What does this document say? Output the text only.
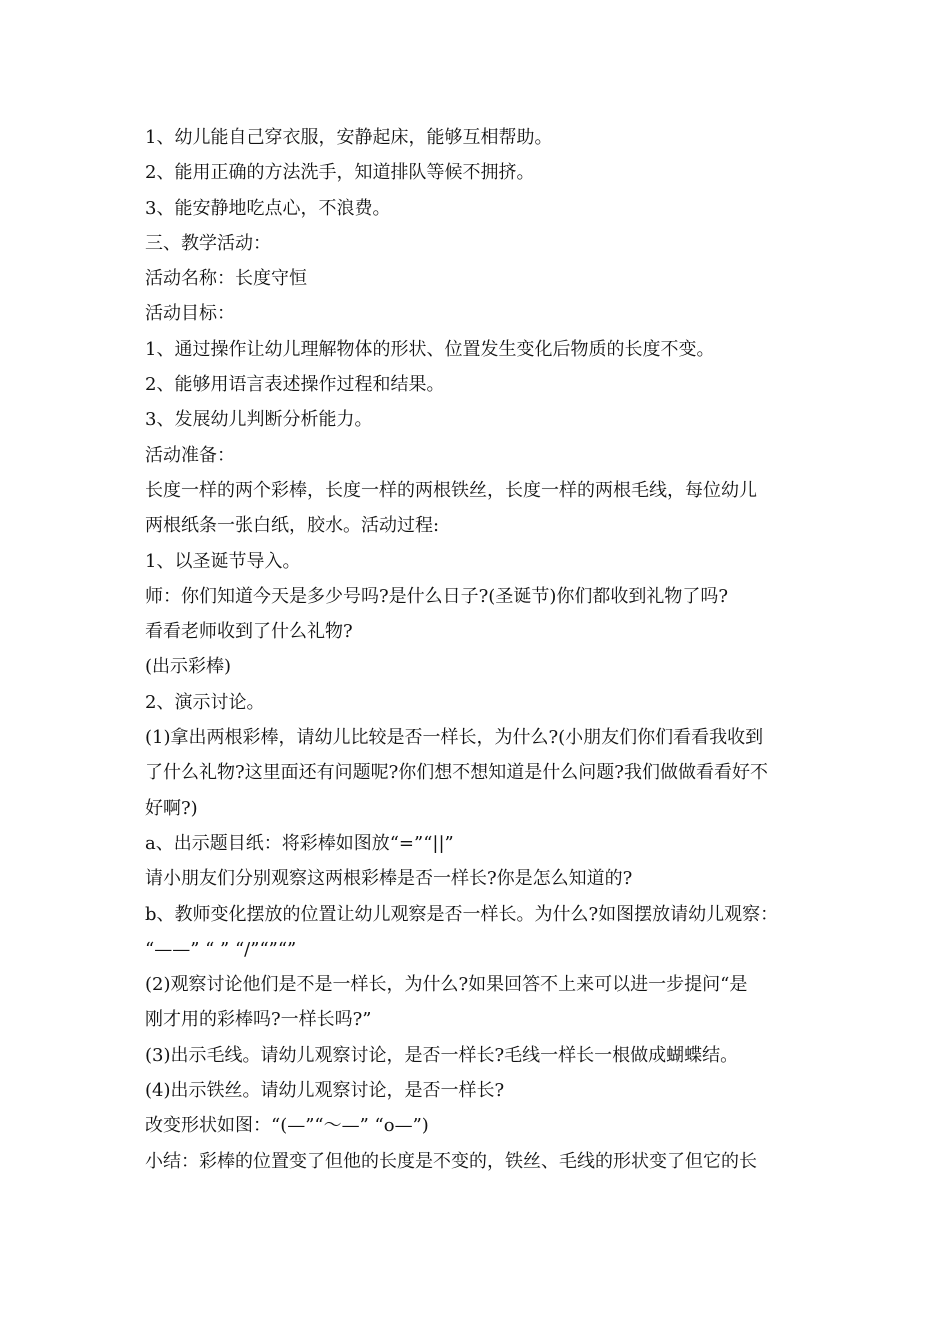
1、幼儿能自己穿衣服，安静起床，能够互相帮助。

2、能用正确的方法洗手，知道排队等候不拥挤。

3、能安静地吃点心，不浪费。

三、教学活动：

活动名称：长度守恒

活动目标：

1、通过操作让幼儿理解物体的形状、位置发生变化后物质的长度不变。

2、能够用语言表述操作过程和结果。

3、发展幼儿判断分析能力。

活动准备：

长度一样的两个彩棒，长度一样的两根铁丝，长度一样的两根毛线，每位幼儿

两根纸条一张白纸，胶水。活动过程:

1、以圣诞节导入。

师：你们知道今天是多少号吗?是什么日子?(圣诞节)你们都收到礼物了吗?

看看老师收到了什么礼物?

(出示彩棒)

2、演示讨论。

(1)拿出两根彩棒，请幼儿比较是否一样长，为什么?(小朋友们你们看看我收到

了什么礼物?这里面还有问题呢?你们想不想知道是什么问题?我们做做看看好不

好啊?)

a、出示题目纸：将彩棒如图放“=”“||”

请小朋友们分别观察这两根彩棒是否一样长?你是怎么知道的?

b、教师变化摆放的位置让幼儿观察是否一样长。为什么?如图摆放请幼儿观察：

“——” “ ” “/”“”“”

(2)观察讨论他们是不是一样长，为什么?如果回答不上来可以进一步提问“是

刚才用的彩棒吗?一样长吗?”

(3)出示毛线。请幼儿观察讨论，是否一样长?毛线一样长一根做成蝴蝶结。

(4)出示铁丝。请幼儿观察讨论，是否一样长?

改变形状如图：“(—”“～—” “o—”)

小结：彩棒的位置变了但他的长度是不变的，铁丝、毛线的形状变了但它的长
